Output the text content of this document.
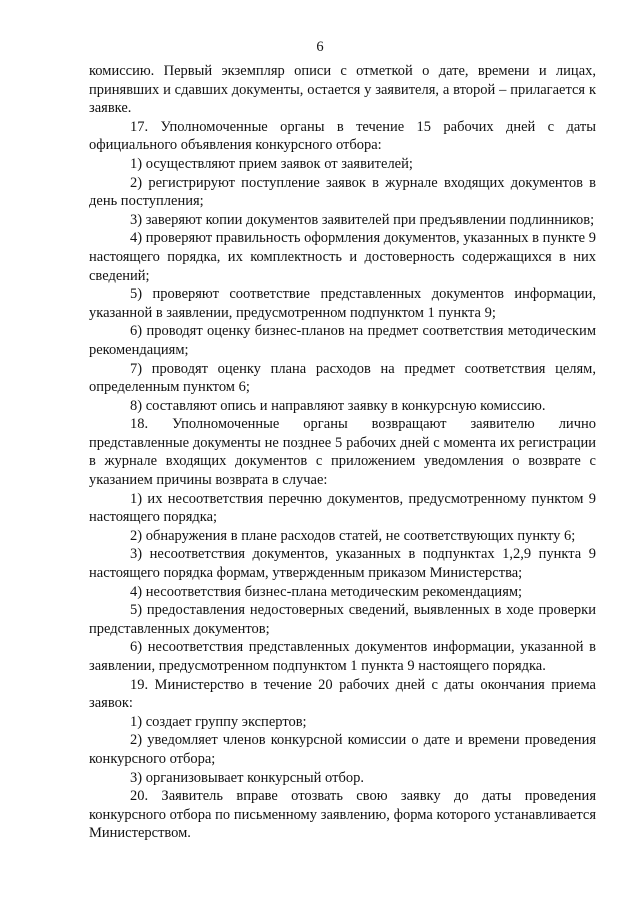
6

комиссию. Первый экземпляр описи с отметкой о дате, времени и лицах, принявших и сдавших документы, остается у заявителя, а второй – прилагается к заявке.

17. Уполномоченные органы в течение 15 рабочих дней с даты официального объявления конкурсного отбора:

1) осуществляют прием заявок от заявителей;

2) регистрируют поступление заявок в журнале входящих документов в день поступления;

3) заверяют копии документов заявителей при предъявлении подлинников;

4) проверяют правильность оформления документов, указанных в пункте 9 настоящего порядка, их комплектность и достоверность содержащихся в них сведений;

5) проверяют соответствие представленных документов информации, указанной в заявлении, предусмотренном подпунктом 1 пункта 9;

6) проводят оценку бизнес-планов на предмет соответствия методическим рекомендациям;

7) проводят оценку плана расходов на предмет соответствия целям, определенным пунктом 6;

8) составляют опись и направляют заявку в конкурсную комиссию.

18. Уполномоченные органы возвращают заявителю лично представленные документы не позднее 5 рабочих дней с момента их регистрации в журнале входящих документов с приложением уведомления о возврате с указанием причины возврата в случае:

1) их несоответствия перечню документов, предусмотренному пунктом 9 настоящего порядка;

2) обнаружения в плане расходов статей, не соответствующих пункту 6;

3) несоответствия документов, указанных в подпунктах 1,2,9 пункта 9 настоящего порядка формам, утвержденным приказом Министерства;

4) несоответствия бизнес-плана методическим рекомендациям;

5) предоставления недостоверных сведений, выявленных в ходе проверки представленных документов;

6) несоответствия представленных документов информации, указанной в заявлении, предусмотренном подпунктом 1 пункта 9 настоящего порядка.

19. Министерство в течение 20 рабочих дней с даты окончания приема заявок:

1) создает группу экспертов;

2) уведомляет членов конкурсной комиссии о дате и времени проведения конкурсного отбора;

3) организовывает конкурсный отбор.

20. Заявитель вправе отозвать свою заявку до даты проведения конкурсного отбора по письменному заявлению, форма которого устанавливается Министерством.
